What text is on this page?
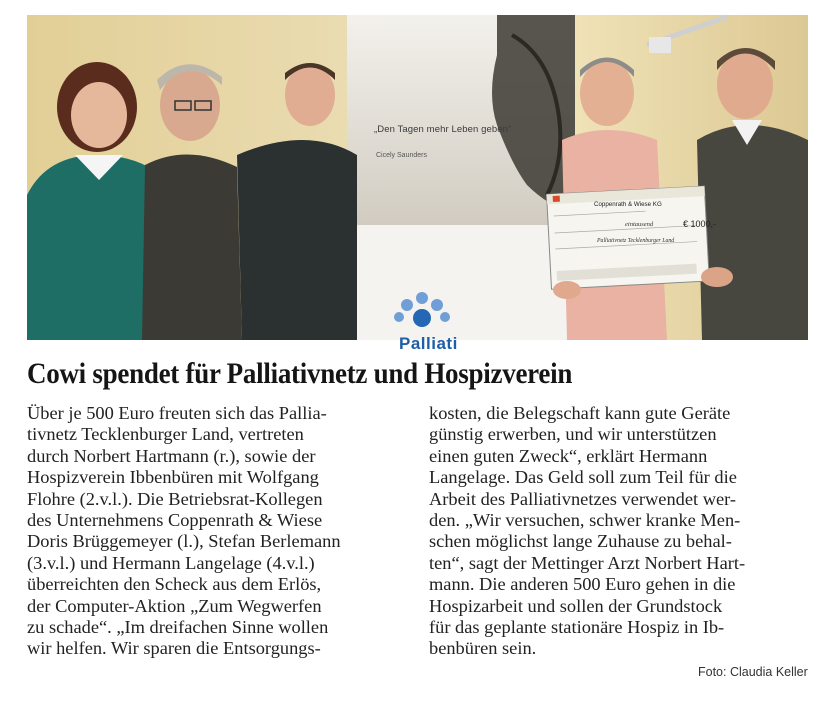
„Den Tagen mehr Leben geben“
Cicely Saunders
Palliati
Coppenrath & Wiese KG
eintausend	€ 1000,-
Palliativnetz Tecklenburger Land
Cowi spendet für Palliativnetz und Hospizverein
Über je 500 Euro freuten sich das Pallia-
tivnetz Tecklenburger Land, vertreten
durch Norbert Hartmann (r.), sowie der
Hospizverein Ibbenbüren mit Wolfgang
Flohre (2.v.l.). Die Betriebsrat-Kollegen
des Unternehmens Coppenrath & Wiese
Doris Brüggemeyer (l.), Stefan Berlemann
(3.v.l.) und Hermann Langelage (4.v.l.)
überreichten den Scheck aus dem Erlös,
der Computer-Aktion „Zum Wegwerfen
zu schade“. „Im dreifachen Sinne wollen
wir helfen. Wir sparen die Entsorgungs-
kosten, die Belegschaft kann gute Geräte
günstig erwerben, und wir unterstützen
einen guten Zweck“, erklärt Hermann
Langelage. Das Geld soll zum Teil für die
Arbeit des Palliativnetzes verwendet wer-
den. „Wir versuchen, schwer kranke Men-
schen möglichst lange Zuhause zu behal-
ten“, sagt der Mettinger Arzt Norbert Hart-
mann. Die anderen 500 Euro gehen in die
Hospizarbeit und sollen der Grundstock
für das geplante stationäre Hospiz in Ib-
benbüren sein.
Foto: Claudia Keller
